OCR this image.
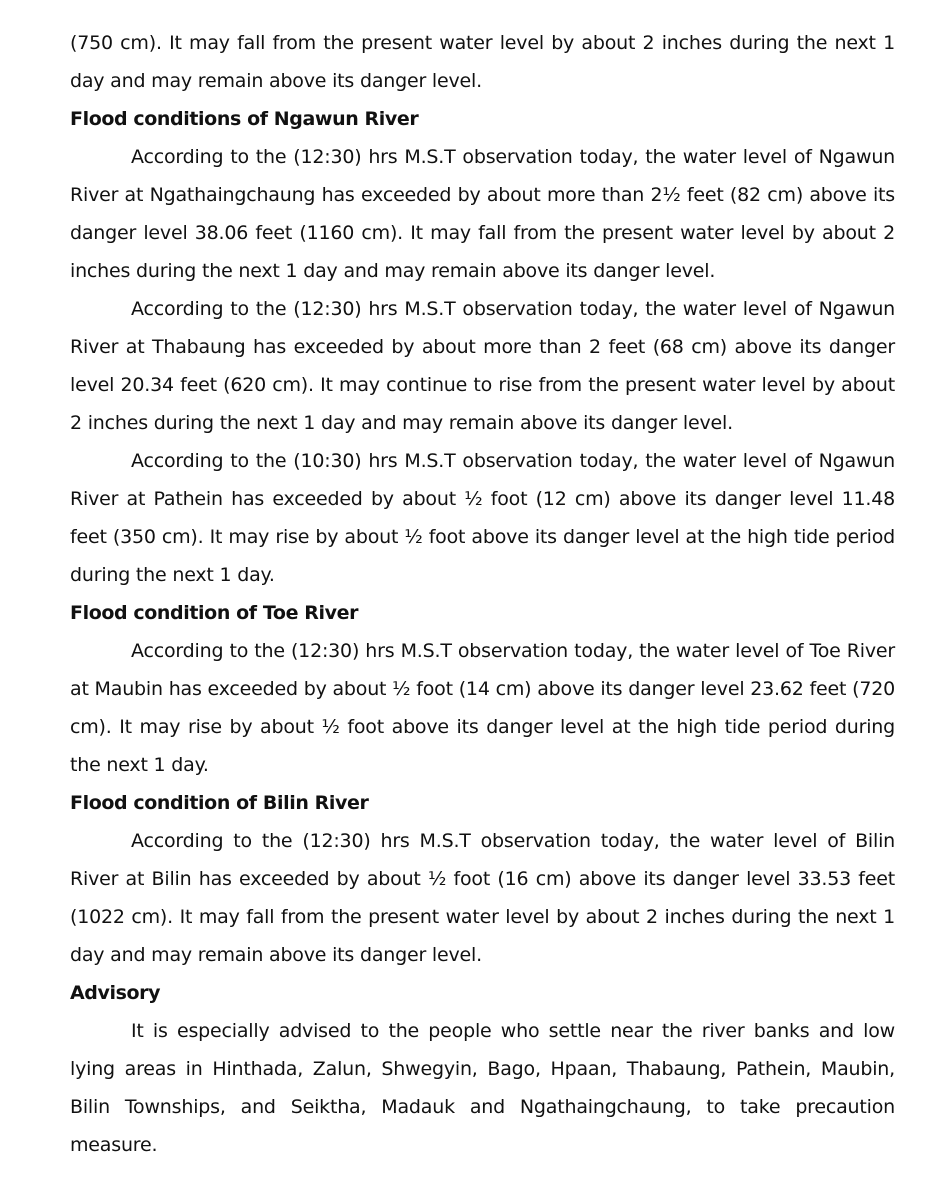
(750 cm). It may fall from the present water level by about 2 inches during the next 1 day and may remain above its danger level.

Flood conditions of Ngawun River

According to the (12:30) hrs M.S.T observation today, the water level of Ngawun River at Ngathaingchaung has exceeded by about more than 2½ feet (82 cm) above its danger level 38.06 feet (1160 cm). It may fall from the present water level by about 2 inches during the next 1 day and may remain above its danger level.

According to the (12:30) hrs M.S.T observation today, the water level of Ngawun River at Thabaung has exceeded by about more than 2 feet (68 cm) above its danger level 20.34 feet (620 cm). It may continue to rise from the present water level by about 2 inches during the next 1 day and may remain above its danger level.

According to the (10:30) hrs M.S.T observation today, the water level of Ngawun River at Pathein has exceeded by about ½ foot (12 cm) above its danger level 11.48 feet (350 cm). It may rise by about ½ foot above its danger level at the high tide period during the next 1 day.

Flood condition of Toe River

According to the (12:30) hrs M.S.T observation today, the water level of Toe River at Maubin has exceeded by about ½ foot (14 cm) above its danger level 23.62 feet (720 cm). It may rise by about ½ foot above its danger level at the high tide period during the next 1 day.

Flood condition of Bilin River

According to the (12:30) hrs M.S.T observation today, the water level of Bilin River at Bilin has exceeded by about ½ foot (16 cm) above its danger level 33.53 feet (1022 cm). It may fall from the present water level by about 2 inches during the next 1 day and may remain above its danger level.

Advisory

It is especially advised to the people who settle near the river banks and low lying areas in Hinthada, Zalun, Shwegyin, Bago, Hpaan, Thabaung, Pathein, Maubin, Bilin Townships, and Seiktha, Madauk and Ngathaingchaung, to take precaution measure.
